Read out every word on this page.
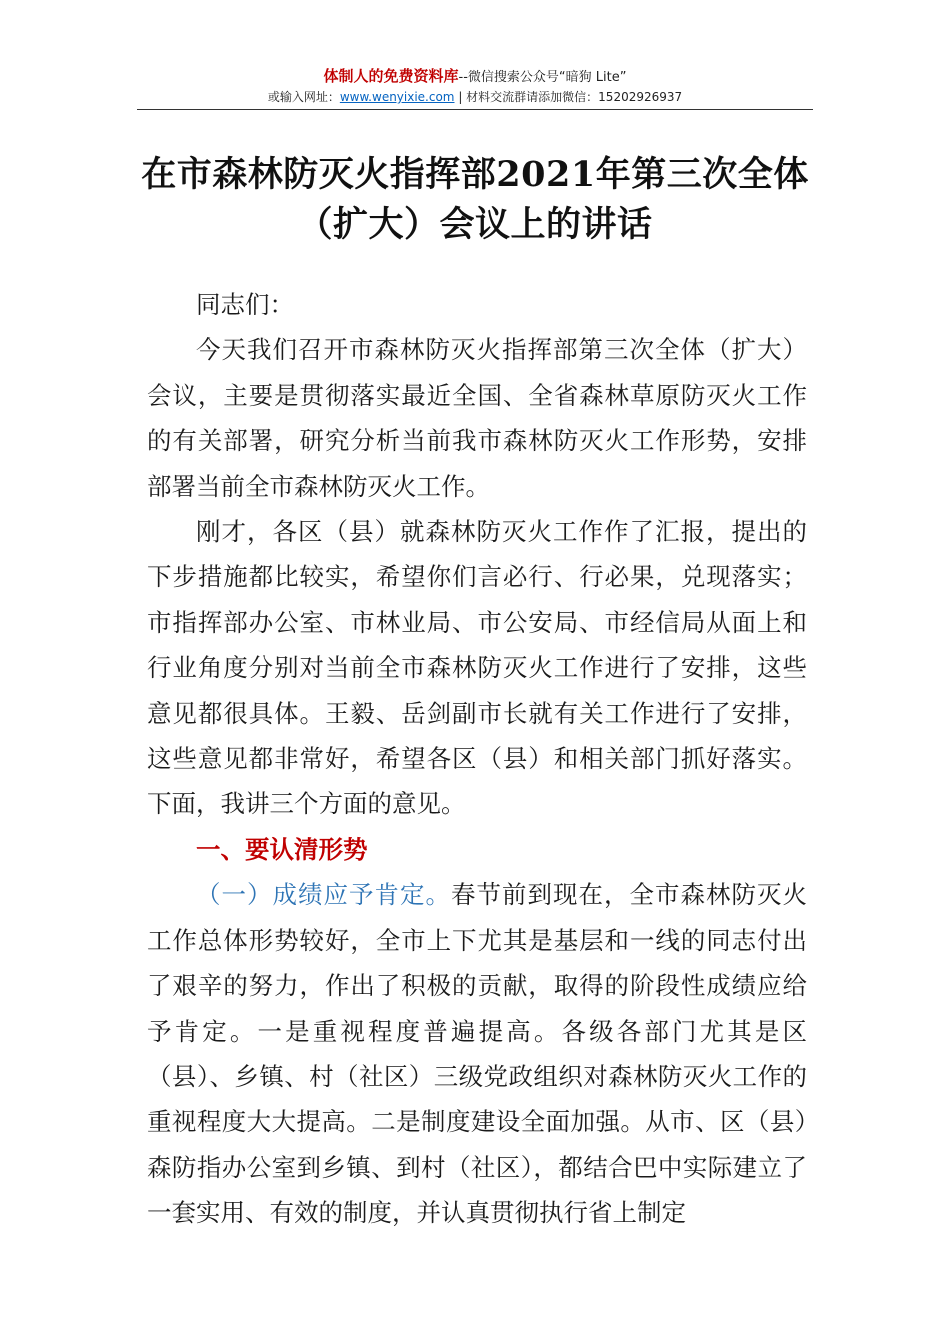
体制人的免费资料库--微信搜索公众号“暗狗 Lite”
或输入网址：www.wenyixie.com | 材料交流群请添加微信：15202926937
在市森林防灭火指挥部2021年第三次全体
（扩大）会议上的讲话

同志们：

今天我们召开市森林防灭火指挥部第三次全体（扩大）会议，主要是贯彻落实最近全国、全省森林草原防灭火工作的有关部署，研究分析当前我市森林防灭火工作形势，安排部署当前全市森林防灭火工作。

刚才，各区（县）就森林防灭火工作作了汇报，提出的下步措施都比较实，希望你们言必行、行必果，兑现落实；市指挥部办公室、市林业局、市公安局、市经信局从面上和行业角度分别对当前全市森林防灭火工作进行了安排，这些意见都很具体。王毅、岳剑副市长就有关工作进行了安排，这些意见都非常好，希望各区（县）和相关部门抓好落实。下面，我讲三个方面的意见。

一、要认清形势

（一）成绩应予肯定。春节前到现在，全市森林防灭火工作总体形势较好，全市上下尤其是基层和一线的同志付出了艰辛的努力，作出了积极的贡献，取得的阶段性成绩应给予肯定。一是重视程度普遍提高。各级各部门尤其是区（县）、乡镇、村（社区）三级党政组织对森林防灭火工作的重视程度大大提高。二是制度建设全面加强。从市、区（县）森防指办公室到乡镇、到村（社区），都结合巴中实际建立了一套实用、有效的制度，并认真贯彻执行省上制定
